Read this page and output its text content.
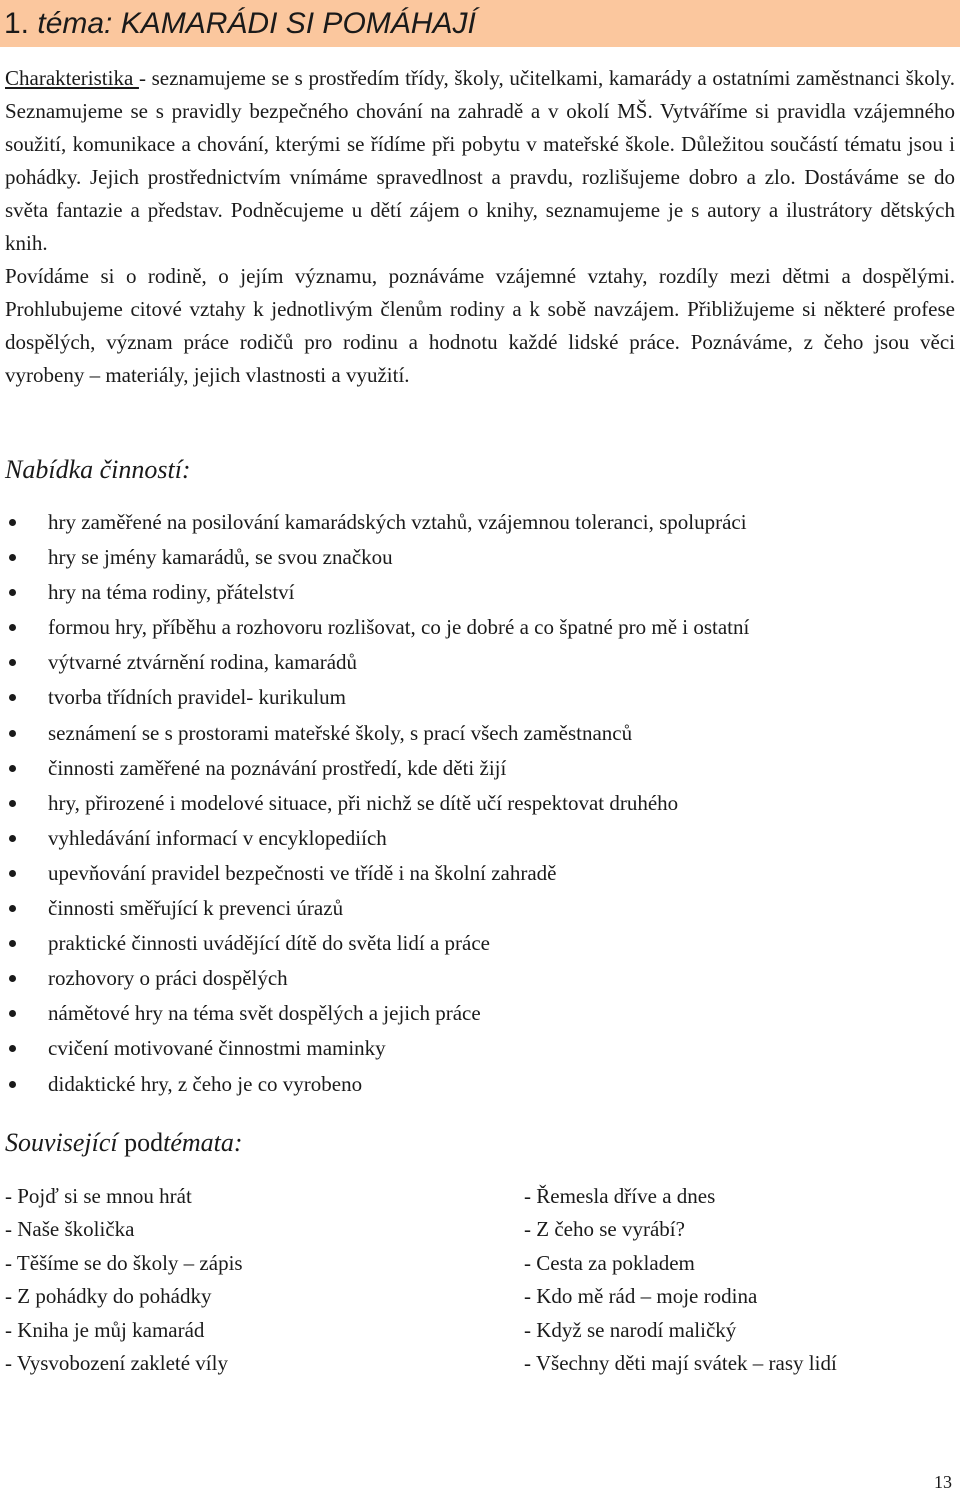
1. téma: KAMARÁDI SI POMÁHAJÍ

Charakteristika - seznamujeme se s prostředím třídy, školy, učitelkami, kamarády a ostatními zaměstnanci školy. Seznamujeme se s pravidly bezpečného chování na zahradě a v okolí MŠ. Vytváříme si pravidla vzájemného soužití, komunikace a chování, kterými se řídíme při pobytu v mateřské škole. Důležitou součástí tématu jsou i pohádky. Jejich prostřednictvím vnímáme spravedlnost a pravdu, rozlišujeme dobro a zlo. Dostáváme se do světa fantazie a představ. Podněcujeme u dětí zájem o knihy, seznamujeme je s autory a ilustrátory dětských knih.

Povídáme si o rodině, o jejím významu, poznáváme vzájemné vztahy, rozdíly mezi dětmi a dospělými. Prohlubujeme citové vztahy k jednotlivým členům rodiny a k sobě navzájem. Přibližujeme si některé profese dospělých, význam práce rodičů pro rodinu a hodnotu každé lidské práce. Poznáváme, z čeho jsou věci vyrobeny – materiály, jejich vlastnosti a využití.

Nabídka činností:
hry zaměřené na posilování kamarádských vztahů, vzájemnou toleranci, spolupráci
hry se jmény kamarádů, se svou značkou
hry na téma rodiny, přátelství
formou hry, příběhu a rozhovoru rozlišovat, co je dobré a co špatné pro mě i ostatní
výtvarné ztvárnění rodina, kamarádů
tvorba třídních pravidel- kurikulum
seznámení se s prostorami mateřské školy, s prací všech zaměstnanců
činnosti zaměřené na poznávání prostředí, kde děti žijí
hry, přirozené i modelové situace, při nichž se dítě učí respektovat druhého
vyhledávání informací v encyklopediích
upevňování pravidel bezpečnosti ve třídě i na školní zahradě
činnosti směřující k prevenci úrazů
praktické činnosti uvádějící dítě do světa lidí a práce
rozhovory o práci dospělých
námětové hry na téma svět dospělých a jejich práce
cvičení motivované činnostmi maminky
didaktické hry, z čeho je co vyrobeno
Související podtémata:
- Pojď si se mnou hrát
- Naše školička
- Těšíme se do školy – zápis
- Z pohádky do pohádky
- Kniha je můj kamarád
- Vysvobození zakleté víly
- Řemesla dříve a dnes
- Z čeho se vyrábí?
- Cesta za pokladem
- Kdo mě rád – moje rodina
- Když se narodí maličký
- Všechny děti mají svátek – rasy lidí
13
